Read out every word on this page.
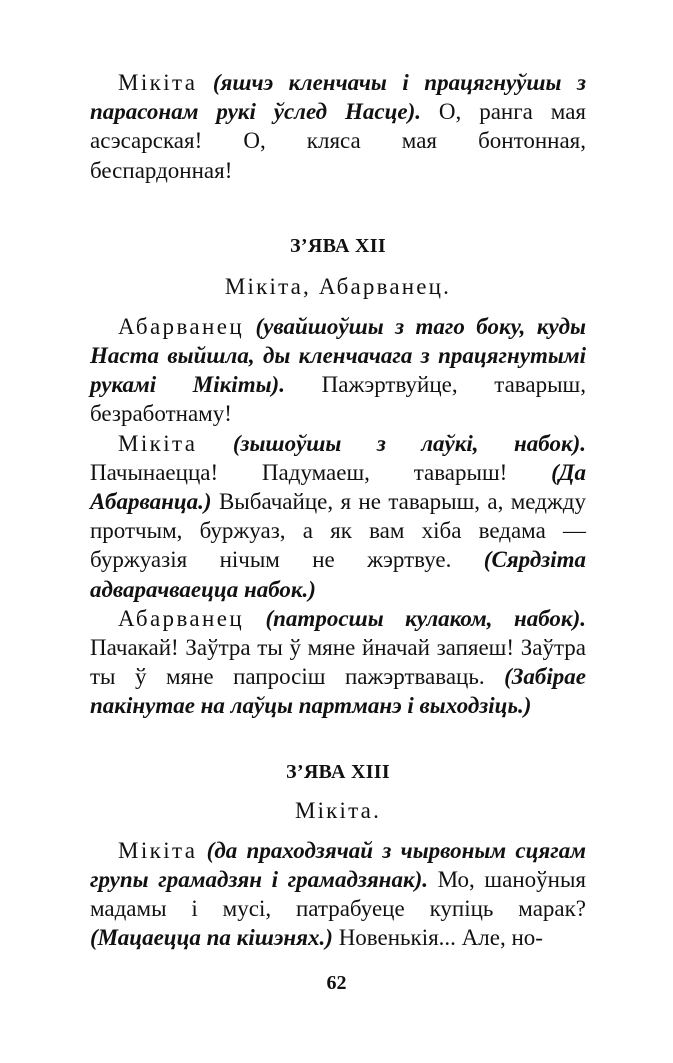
Мікіта (яшчэ кленчачы і працягнуўшы з парасонам рукі ўслед Насце). О, ранга мая асэсарская! О, кляса мая бонтонная, беспардонная!

З’ЯВА XII

Мікіта, Абарванец.

Абарванец (увайшоўшы з таго боку, куды Наста выйшла, ды кленчачага з працягнутымі рукамі Мікіты). Пажэртвуйце, таварыш, безработнаму!

Мікіта (зышоўшы з лаўкі, набок). Пачынаецца! Падумаеш, таварыш! (Да Абарванца.) Выбачайце, я не таварыш, а, меджду протчым, буржуаз, а як вам хіба ведама — буржуазія нічым не жэртвуе. (Сярдзіта адварачваецца набок.)

Абарванец (патросшы кулаком, набок). Пачакай! Заўтра ты ў мяне йначай запяеш! Заўтра ты ў мяне папросіш пажэртваваць. (Забірае пакінутае на лаўцы партманэ і выходзіць.)

З’ЯВА XIII

Мікіта.

Мікіта (да праходзячай з чырвоным сцягам групы грамадзян і грамадзянак). Мо, шаноўныя мадамы і мусі, патрабуеце купіць марак? (Мацаецца па кішэнях.) Новенькія... Але, но-

62
